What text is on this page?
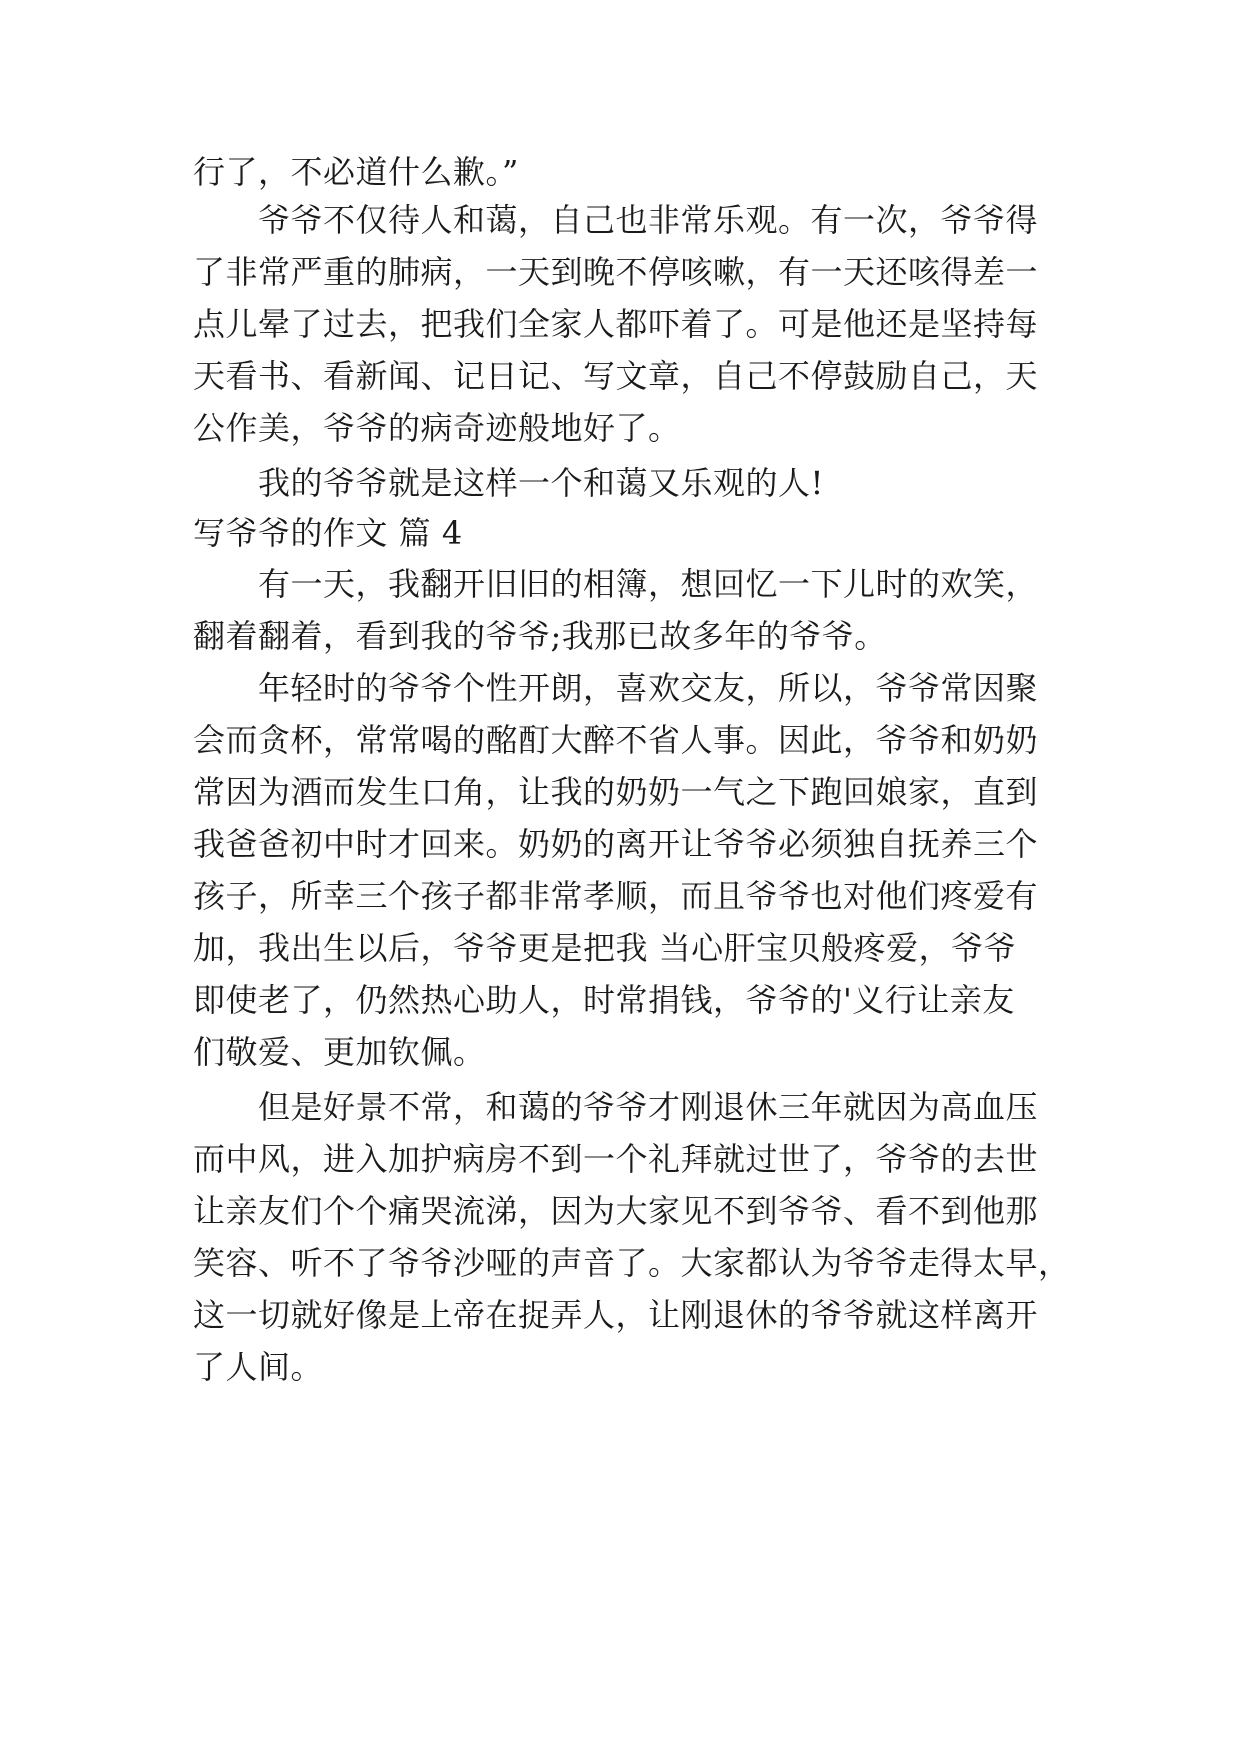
行了，不必道什么歉。”
爷爷不仅待人和蔼，自己也非常乐观。有一次，爷爷得
了非常严重的肺病，一天到晚不停咳嗽，有一天还咳得差一
点儿晕了过去，把我们全家人都吓着了。可是他还是坚持每
天看书、看新闻、记日记、写文章，自己不停鼓励自己，天
公作美，爷爷的病奇迹般地好了。
我的爷爷就是这样一个和蔼又乐观的人!
写爷爷的作文 篇 4
有一天，我翻开旧旧的相簿，想回忆一下儿时的欢笑，
翻着翻着，看到我的爷爷;我那已故多年的爷爷。
年轻时的爷爷个性开朗，喜欢交友，所以，爷爷常因聚
会而贪杯，常常喝的酩酊大醉不省人事。因此，爷爷和奶奶
常因为酒而发生口角，让我的奶奶一气之下跑回娘家，直到
我爸爸初中时才回来。奶奶的离开让爷爷必须独自抚养三个
孩子，所幸三个孩子都非常孝顺，而且爷爷也对他们疼爱有
加，我出生以后，爷爷更是把我 当心肝宝贝般疼爱，爷爷
即使老了，仍然热心助人，时常捐钱，爷爷的'义行让亲友
们敬爱、更加钦佩。
但是好景不常，和蔼的爷爷才刚退休三年就因为高血压
而中风，进入加护病房不到一个礼拜就过世了，爷爷的去世
让亲友们个个痛哭流涕，因为大家见不到爷爷、看不到他那
笑容、听不了爷爷沙哑的声音了。大家都认为爷爷走得太早，
这一切就好像是上帝在捉弄人，让刚退休的爷爷就这样离开
了人间。
